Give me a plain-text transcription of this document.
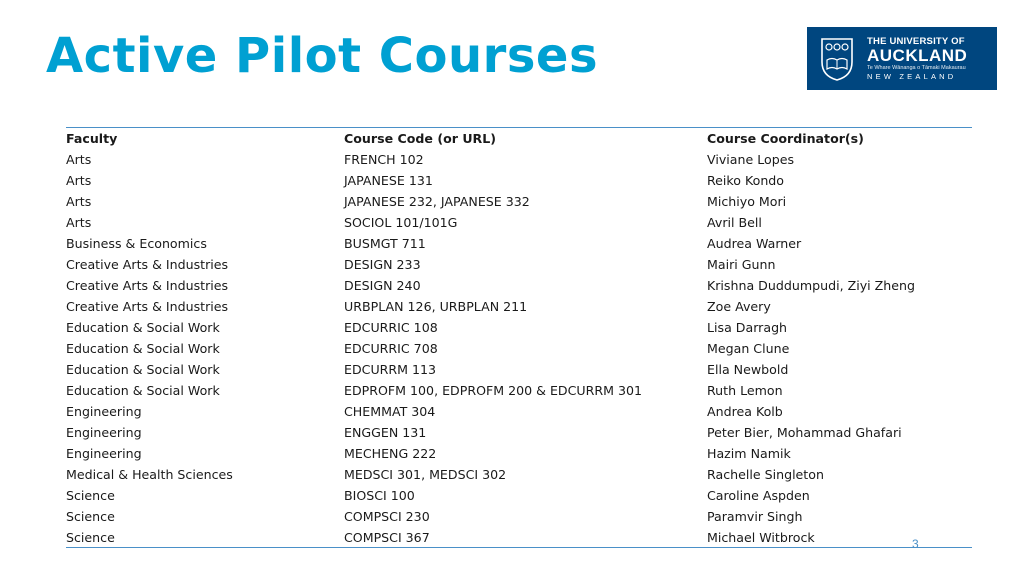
Active Pilot Courses	THE UNIVERSITY OF
AUCKLAND
Te Whare Wānanga o Tāmaki Makaurau
NEW ZEALAND
Faculty	Course Code (or URL)	Course Coordinator(s)
Arts	FRENCH 102	Viviane Lopes
Arts	JAPANESE 131	Reiko Kondo
Arts	JAPANESE 232, JAPANESE 332	Michiyo Mori
Arts	SOCIOL 101/101G	Avril Bell
Business & Economics	BUSMGT 711	Audrea Warner
Creative Arts & Industries	DESIGN 233	Mairi Gunn
Creative Arts & Industries	DESIGN 240	Krishna Duddumpudi, Ziyi Zheng
Creative Arts & Industries	URBPLAN 126, URBPLAN 211	Zoe Avery
Education & Social Work	EDCURRIC 108	Lisa Darragh
Education & Social Work	EDCURRIC 708	Megan Clune
Education & Social Work	EDCURRM 113	Ella Newbold
Education & Social Work	EDPROFM 100, EDPROFM 200 & EDCURRM 301	Ruth Lemon
Engineering	CHEMMAT 304	Andrea Kolb
Engineering	ENGGEN 131	Peter Bier, Mohammad Ghafari
Engineering	MECHENG 222	Hazim Namik
Medical & Health Sciences	MEDSCI 301, MEDSCI 302	Rachelle Singleton
Science	BIOSCI 100	Caroline Aspden
Science	COMPSCI 230	Paramvir Singh
Science	COMPSCI 367	Michael Witbrock	3
